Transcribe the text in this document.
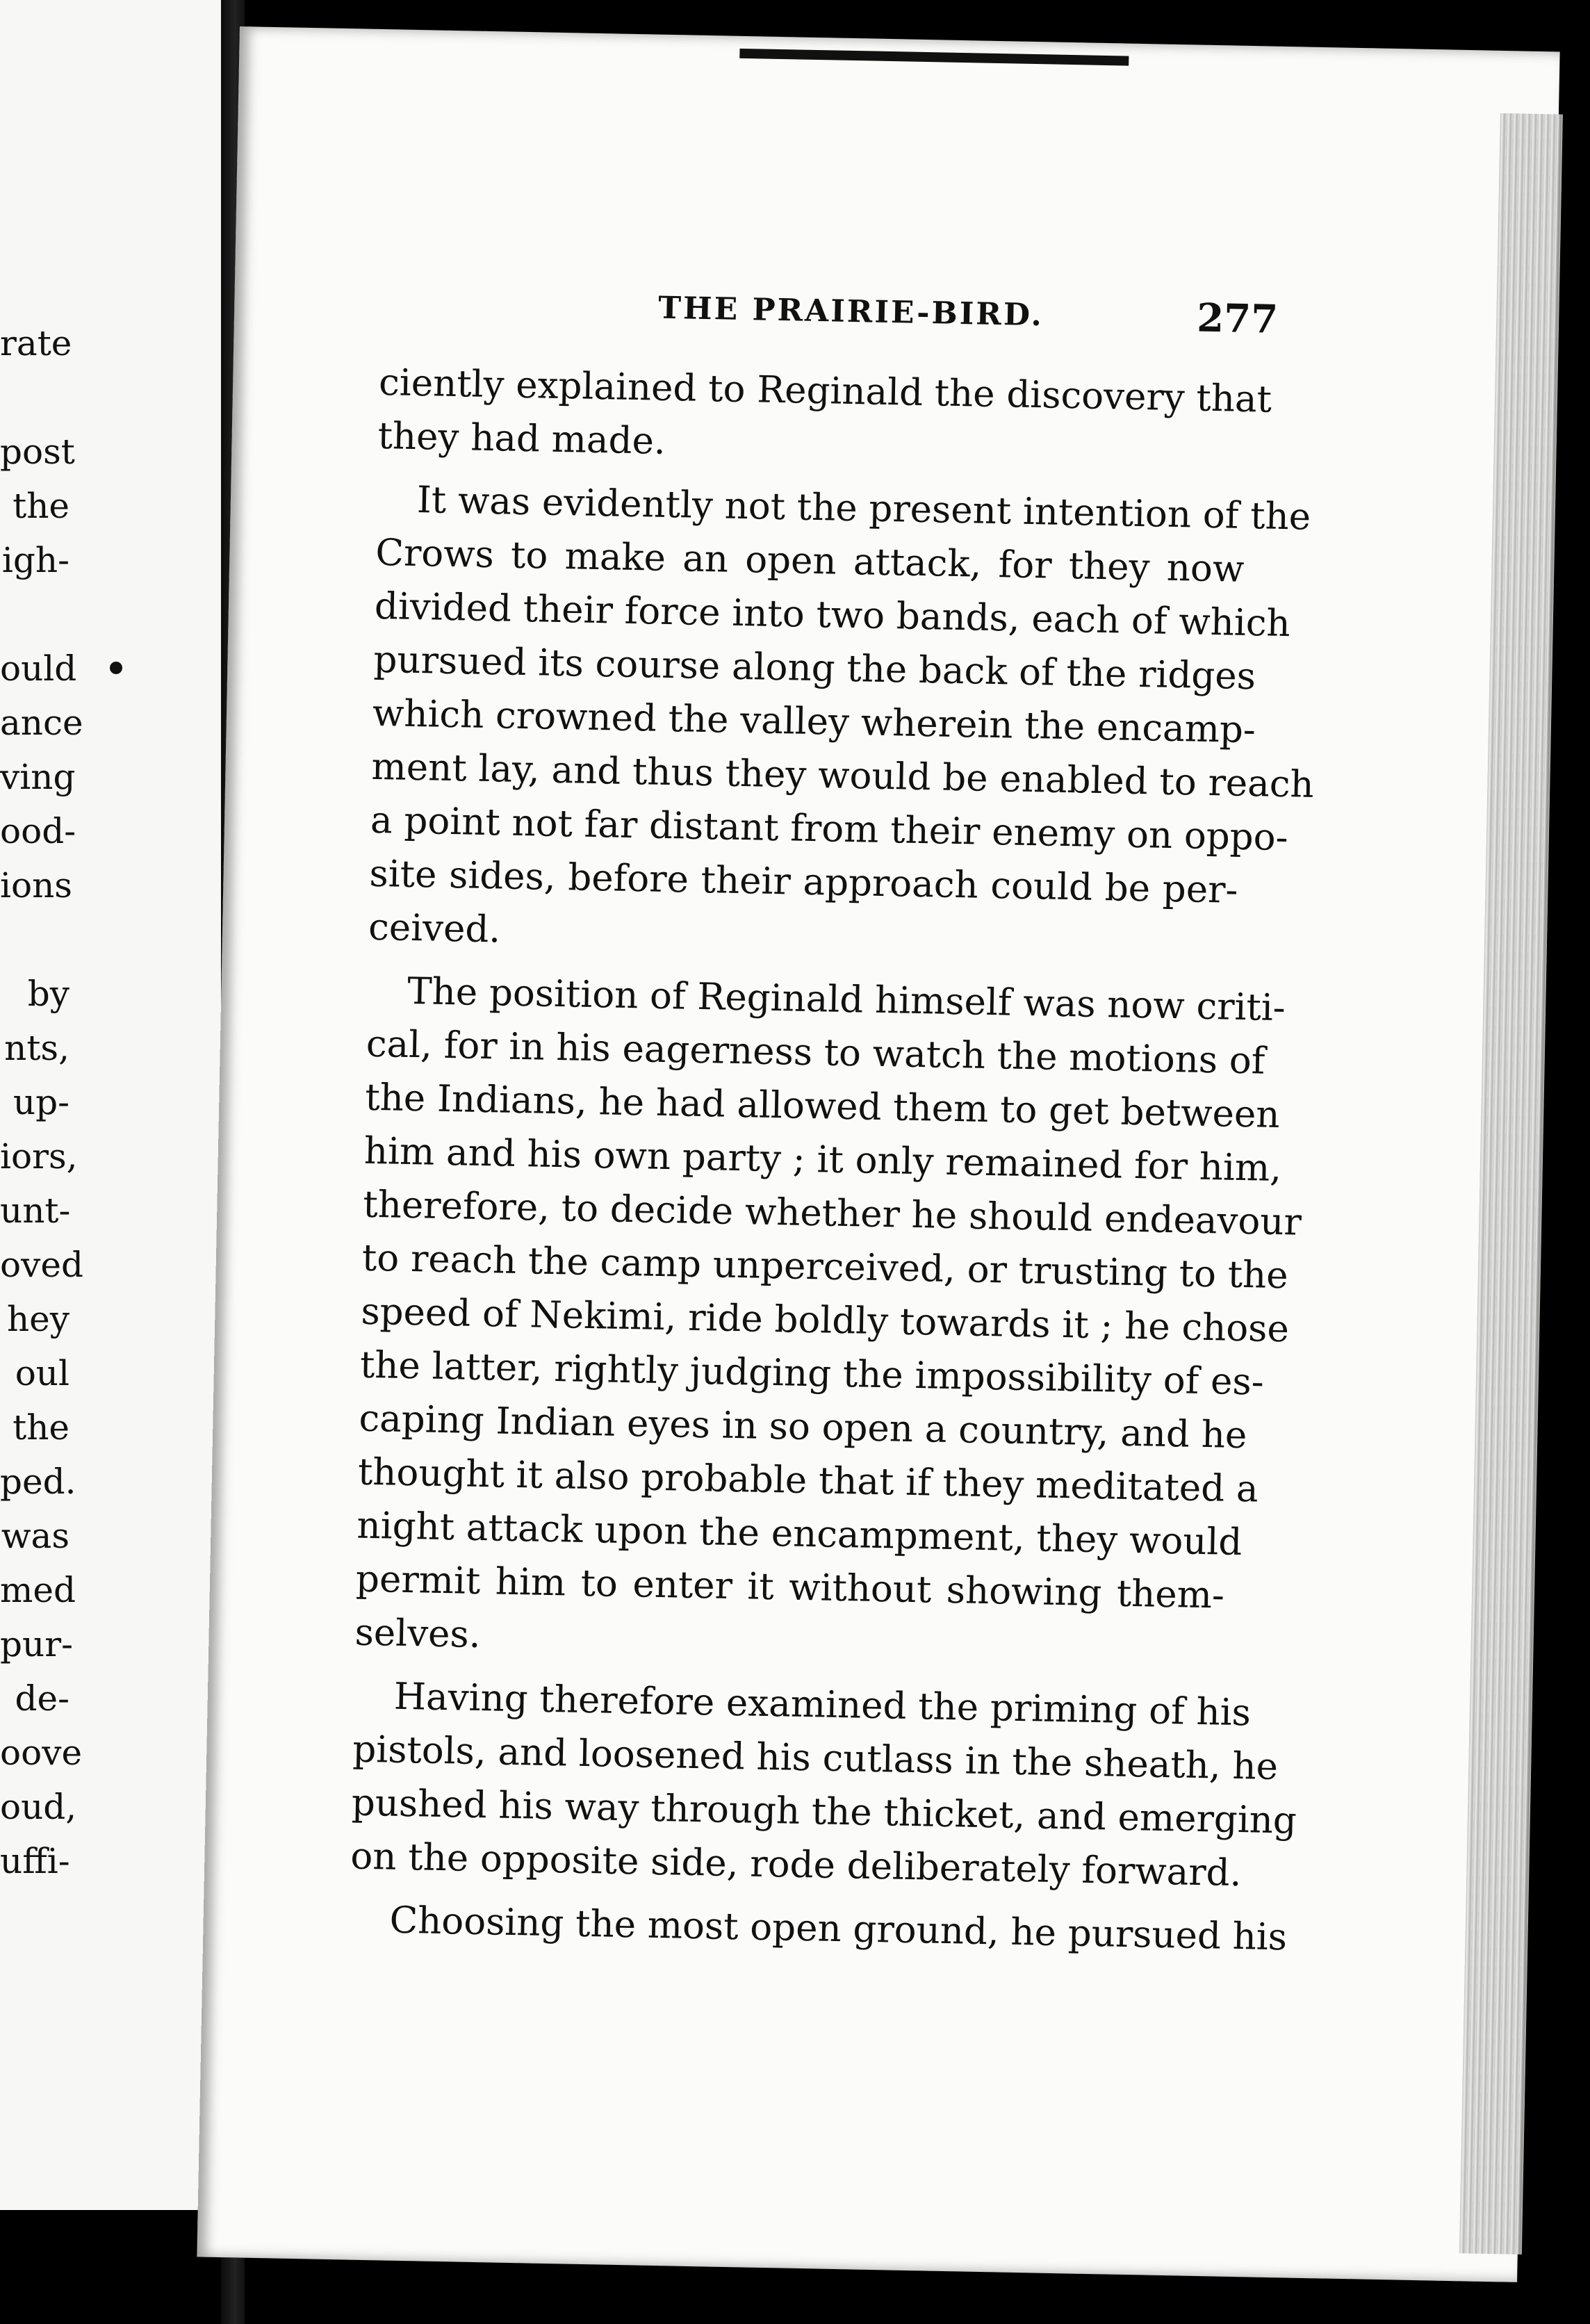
rate
post
the
igh-
ould
ance
ving
ood-
ions
by
nts,
up-
iors,
unt-
oved
hey
oul
the
ped.
was
med
pur-
de-
oove
oud,
uffi-
THE PRAIRIE-BIRD.	277
ciently explained to Reginald the discovery that
they had made.
It was evidently not the present intention of the
Crows to make an open attack, for they now
divided their force into two bands, each of which
pursued its course along the back of the ridges
which crowned the valley wherein the encamp-
ment lay, and thus they would be enabled to reach
a point not far distant from their enemy on oppo-
site sides, before their approach could be per-
ceived.
The position of Reginald himself was now criti-
cal, for in his eagerness to watch the motions of
the Indians, he had allowed them to get between
him and his own party ; it only remained for him,
therefore, to decide whether he should endeavour
to reach the camp unperceived, or trusting to the
speed of Nekimi, ride boldly towards it ; he chose
the latter, rightly judging the impossibility of es-
caping Indian eyes in so open a country, and he
thought it also probable that if they meditated a
night attack upon the encampment, they would
permit him to enter it without showing them-
selves.
Having therefore examined the priming of his
pistols, and loosened his cutlass in the sheath, he
pushed his way through the thicket, and emerging
on the opposite side, rode deliberately forward.
Choosing the most open ground, he pursued his
